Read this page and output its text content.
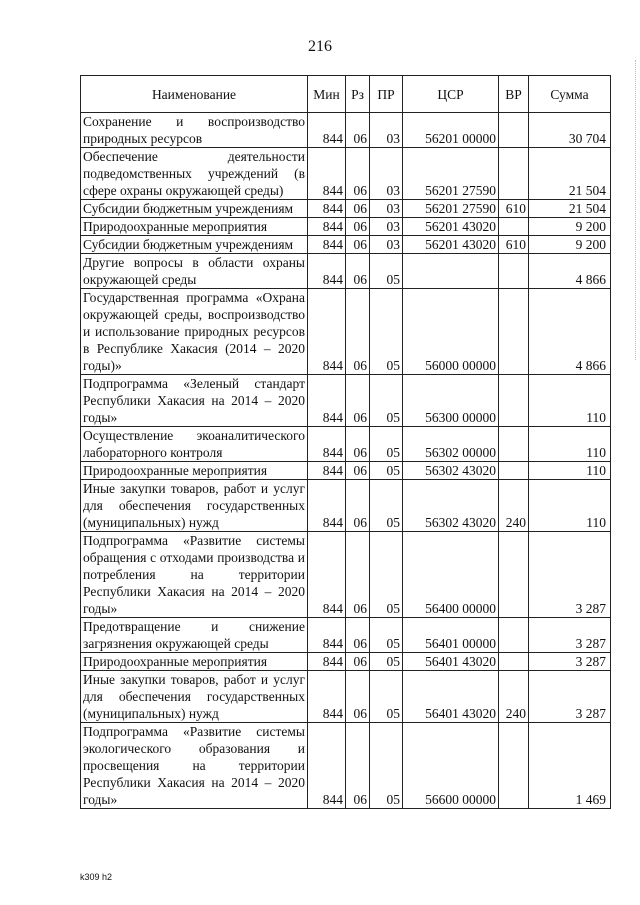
216
Наименование	Мин	Рз	ПР	ЦСР	ВР	Сумма
Сохранение и воспроизводство природных ресурсов	844	06	03	56201 00000		30 704
Обеспечение деятельности подведомственных учреждений (в сфере охраны окружающей среды)	844	06	03	56201 27590		21 504
Субсидии бюджетным учреждениям	844	06	03	56201 27590	610	21 504
Природоохранные мероприятия	844	06	03	56201 43020		9 200
Субсидии бюджетным учреждениям	844	06	03	56201 43020	610	9 200
Другие вопросы в области охраны окружающей среды	844	06	05			4 866
Государственная программа «Охрана окружающей среды, воспроизводство и использование природных ресурсов в Республике Хакасия (2014 – 2020 годы)»	844	06	05	56000 00000		4 866
Подпрограмма «Зеленый стандарт Республики Хакасия на 2014 – 2020 годы»	844	06	05	56300 00000		110
Осуществление экоаналитического лабораторного контроля	844	06	05	56302 00000		110
Природоохранные мероприятия	844	06	05	56302 43020		110
Иные закупки товаров, работ и услуг для обеспечения государственных (муниципальных) нужд	844	06	05	56302 43020	240	110
Подпрограмма «Развитие системы обращения с отходами производства и потребления на территории Республики Хакасия на 2014 – 2020 годы»	844	06	05	56400 00000		3 287
Предотвращение и снижение загрязнения окружающей среды	844	06	05	56401 00000		3 287
Природоохранные мероприятия	844	06	05	56401 43020		3 287
Иные закупки товаров, работ и услуг для обеспечения государственных (муниципальных) нужд	844	06	05	56401 43020	240	3 287
Подпрограмма «Развитие системы экологического образования и просвещения на территории Республики Хакасия на 2014 – 2020 годы»	844	06	05	56600 00000		1 469
k309 h2
